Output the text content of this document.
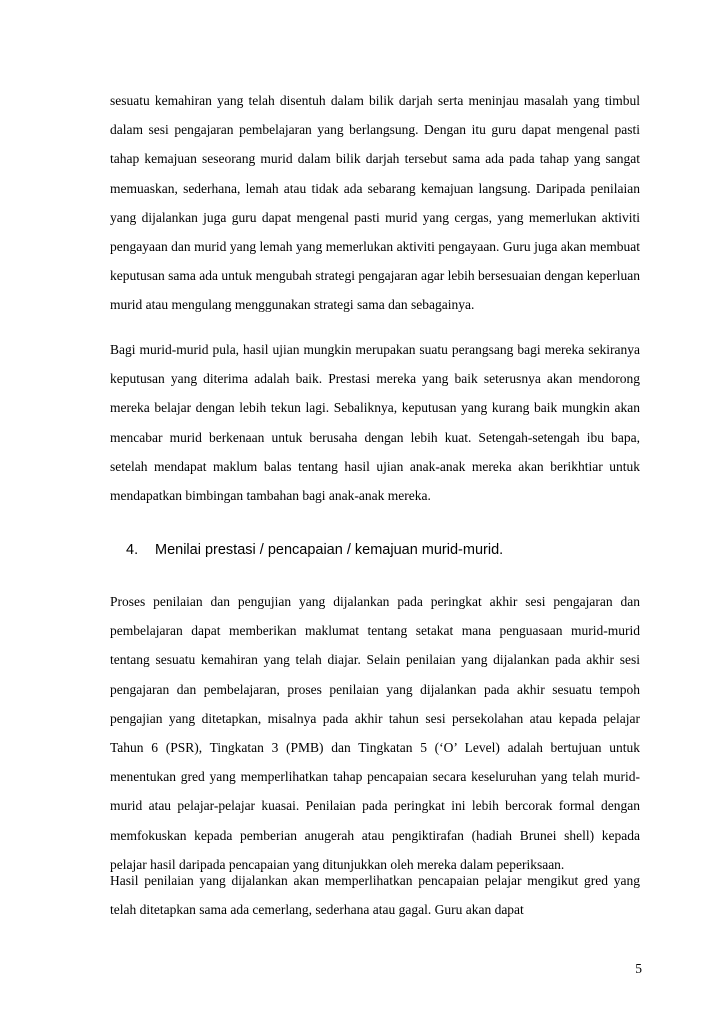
sesuatu kemahiran yang telah disentuh dalam bilik darjah serta meninjau masalah yang timbul dalam sesi pengajaran pembelajaran yang berlangsung. Dengan itu guru dapat mengenal pasti tahap kemajuan seseorang murid dalam bilik darjah tersebut sama ada pada tahap yang sangat memuaskan, sederhana, lemah atau tidak ada sebarang kemajuan langsung. Daripada penilaian yang dijalankan juga guru dapat mengenal pasti murid yang cergas, yang memerlukan aktiviti pengayaan dan murid yang lemah yang memerlukan aktiviti pengayaan. Guru juga akan membuat keputusan sama ada untuk mengubah strategi pengajaran agar lebih bersesuaian dengan keperluan murid atau mengulang menggunakan strategi sama dan sebagainya.

Bagi murid-murid pula, hasil ujian mungkin merupakan suatu perangsang bagi mereka sekiranya keputusan yang diterima adalah baik. Prestasi mereka yang baik seterusnya akan mendorong mereka belajar dengan lebih tekun lagi. Sebaliknya, keputusan yang kurang baik mungkin akan mencabar murid berkenaan untuk berusaha dengan lebih kuat. Setengah-setengah ibu bapa, setelah mendapat maklum balas tentang hasil ujian anak-anak mereka akan berikhtiar untuk mendapatkan bimbingan tambahan bagi anak-anak mereka.

4. Menilai prestasi / pencapaian / kemajuan murid-murid.

Proses penilaian dan pengujian yang dijalankan pada peringkat akhir sesi pengajaran dan pembelajaran dapat memberikan maklumat tentang setakat mana penguasaan murid-murid tentang sesuatu kemahiran yang telah diajar. Selain penilaian yang dijalankan pada akhir sesi pengajaran dan pembelajaran, proses penilaian yang dijalankan pada akhir sesuatu tempoh pengajian yang ditetapkan, misalnya pada akhir tahun sesi persekolahan atau kepada pelajar Tahun 6 (PSR), Tingkatan 3 (PMB) dan Tingkatan 5 (‘O’ Level) adalah bertujuan untuk menentukan gred yang memperlihatkan tahap pencapaian secara keseluruhan yang telah murid-murid atau pelajar-pelajar kuasai. Penilaian pada peringkat ini lebih bercorak formal dengan memfokuskan kepada pemberian anugerah atau pengiktirafan (hadiah Brunei shell) kepada pelajar hasil daripada pencapaian yang ditunjukkan oleh mereka dalam peperiksaan.

Hasil penilaian yang dijalankan akan memperlihatkan pencapaian pelajar mengikut gred yang telah ditetapkan sama ada cemerlang, sederhana atau gagal. Guru akan dapat

5
